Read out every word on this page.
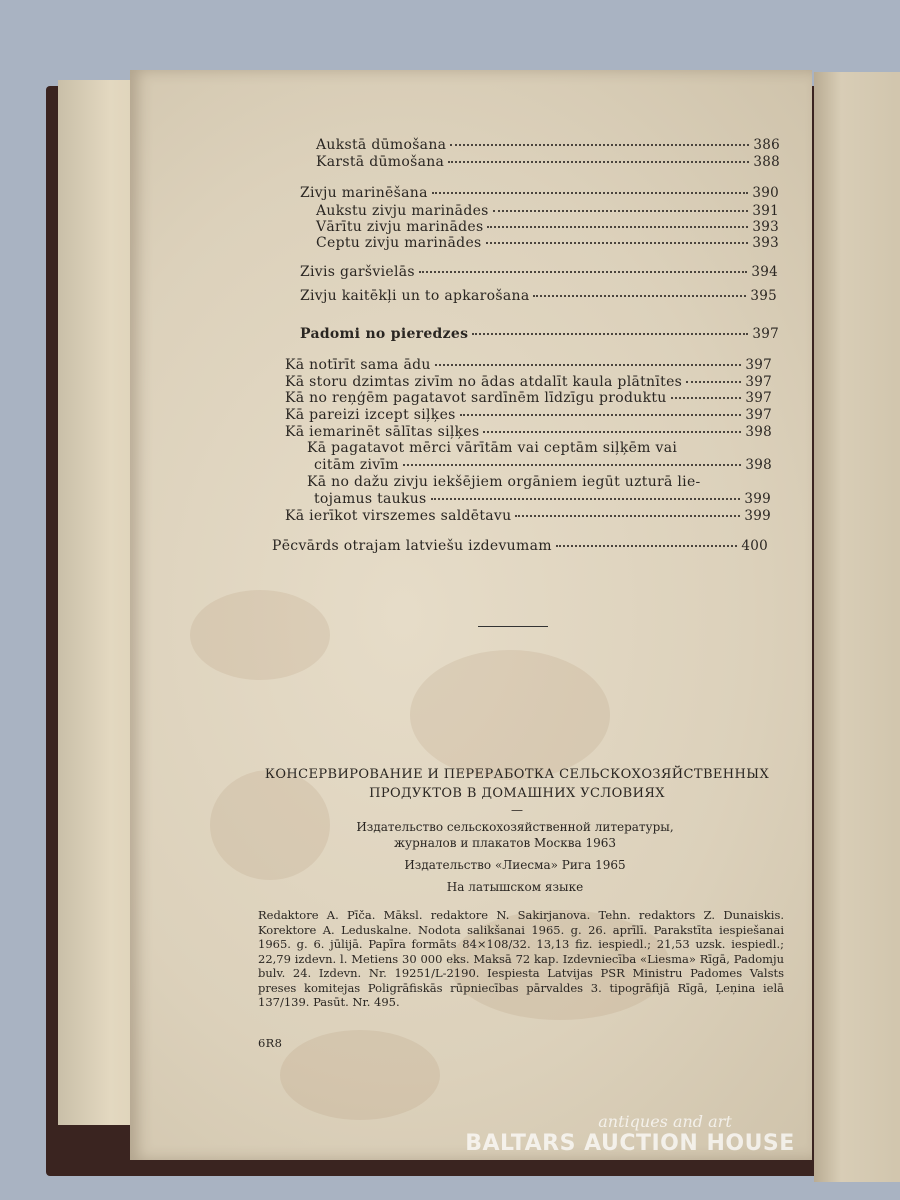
Aukstā dūmošana	386
Karstā dūmošana	388
Zivju marinēšana	390
Aukstu zivju marinādes	391
Vārītu zivju marinādes	393
Ceptu zivju marinādes	393
Zivis garšvielās	394
Zivju kaitēkļi un to apkarošana	395
Padomi no pieredzes	397
Kā notīrīt sama ādu	397
Kā storu dzimtas zivīm no ādas atdalīt kaula plātnītes	397
Kā no reņģēm pagatavot sardīnēm līdzīgu produktu	397
Kā pareizi izcept siļķes	397
Kā iemarinēt sālītas siļķes	398
Kā pagatavot mērci vārītām vai ceptām siļķēm vai
citām zivīm	398
Kā no dažu zivju iekšējiem orgāniem iegūt uzturā lie-
tojamus taukus	399
Kā ierīkot virszemes saldētavu	399
Pēcvārds otrajam latviešu izdevumam	400
КОНСЕРВИРОВАНИЕ И ПЕРЕРАБОТКА СЕЛЬСКОХОЗЯЙСТВЕННЫХ
ПРОДУКТОВ В ДОМАШНИХ УСЛОВИЯХ
—
Издательство сельскохозяйственной литературы,
журналов и плакатов Москва 1963
Издательство «Лиесма» Рига 1965
На латышском языке
Redaktore A. Pīča. Māksl. redaktore N. Sakirjanova. Tehn. redaktors Z. Dunaiskis. Korektore A. Leduskalne. Nodota salikšanai 1965. g. 26. aprīlī. Parakstīta iespiešanai 1965. g. 6. jūlijā. Papīra formāts 84×108/32. 13,13 fiz. iespiedl.; 21,53 uzsk. iespiedl.; 22,79 izdevn. l. Metiens 30 000 eks. Maksā 72 kap. Izdevniecība «Liesma» Rīgā, Padomju bulv. 24. Izdevn. Nr. 19251/L-2190. Iespiesta Latvijas PSR Ministru Padomes Valsts preses komitejas Poligrāfiskās rūpniecības pārvaldes 3. tipogrāfijā Rīgā, Ļeņina ielā 137/139. Pasūt. Nr. 495.
6R8
antiques and art
BALTARS AUCTION HOUSE
